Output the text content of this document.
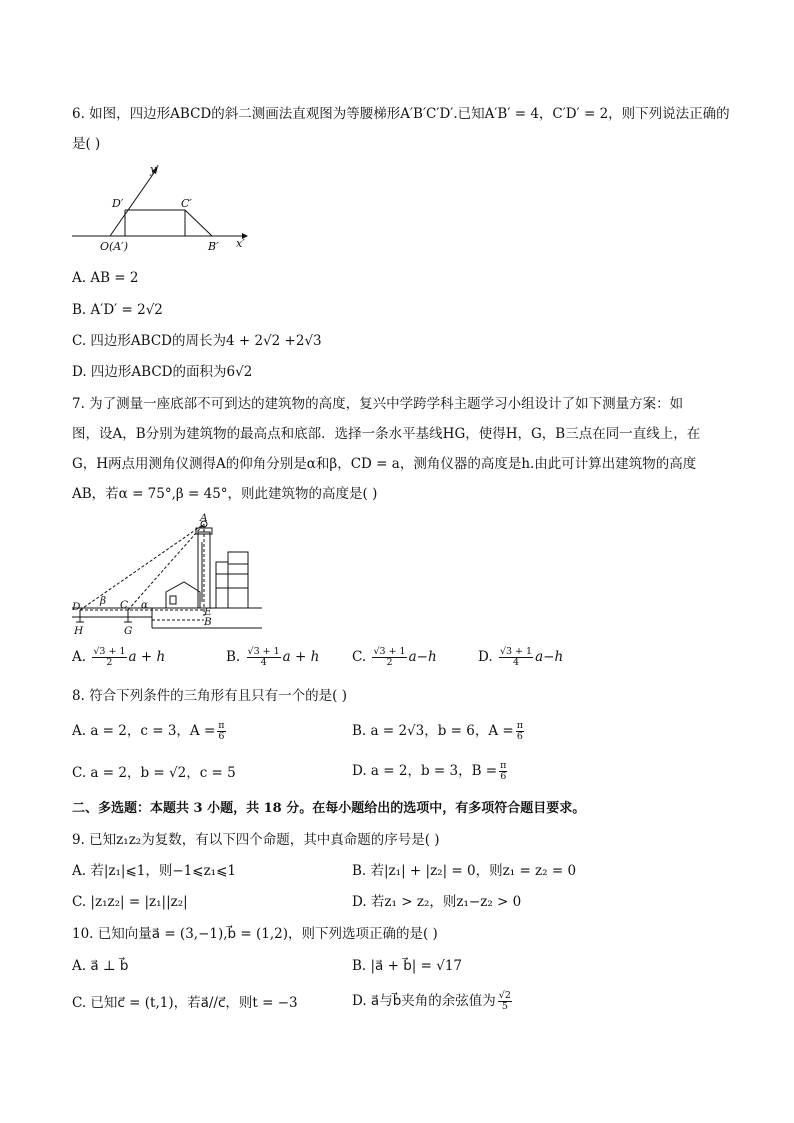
6. 如图，四边形ABCD的斜二测画法直观图为等腰梯形A′B′C′D′.已知A′B′ = 4，C′D′ = 2，则下列说法正确的
是( )
y′
D′	C′
O(A′)	B′ x′
A. AB = 2
B. A′D′ = 2√2
C. 四边形ABCD的周长为4 + 2√2 +2√3
D. 四边形ABCD的面积为6√2
7. 为了测量一座底部不可到达的建筑物的高度，复兴中学跨学科主题学习小组设计了如下测量方案：如
图，设A，B分别为建筑物的最高点和底部．选择一条水平基线HG，使得H，G，B三点在同一直线上，在
G，H两点用测角仪测得A的仰角分别是α和β，CD = a，测角仪器的高度是h.由此可计算出建筑物的高度
AB，若α = 75°,β = 45°，则此建筑物的高度是( )
A
D β C α
E
B
H	G
A. $\frac{√3 + 1}{2}$ a + h	B. $\frac{√3 + 1}{4}$ a + h C. $\frac{√3 + 1}{2} a-h$	D. $\frac{√3 + 1}{4} a-h$
8. 符合下列条件的三角形有且只有一个的是( )
A. a = 2，c = 3，$A = \frac{\pi}{6}$	B. a = 2√3，b = 6，$A = \frac{\pi}{6}$
C. a = 2，b = √2，c = 5	D. a = 2，b = 3，$B = \frac{\pi}{6}$
二、多选题：本题共 3 小题，共 18 分。在每小题给出的选项中，有多项符合题目要求。
9. 已知z₁z₂为复数，有以下四个命题，其中真命题的序号是( )
A. 若|z₁|⩽1，则−1⩽z₁⩽1	B. 若|z₁| + |z₂| = 0，则z₁ = z₂ = 0
C. |z₁z₂| = |z₁||z₂|	D. 若z₁ > z₂，则z₁−z₂ > 0
10. 已知向量a⃗ = (3,−1),b⃗ = (1,2)，则下列选项正确的是( )
A. a⃗ ⊥ b⃗	B. |a⃗ + b⃗| = √17
C. 已知c⃗ = (t,1)，若a⃗//c⃗，则t = −3	D. a⃗与b⃗夹角的余弦值为 $\frac{√2}{5}$
